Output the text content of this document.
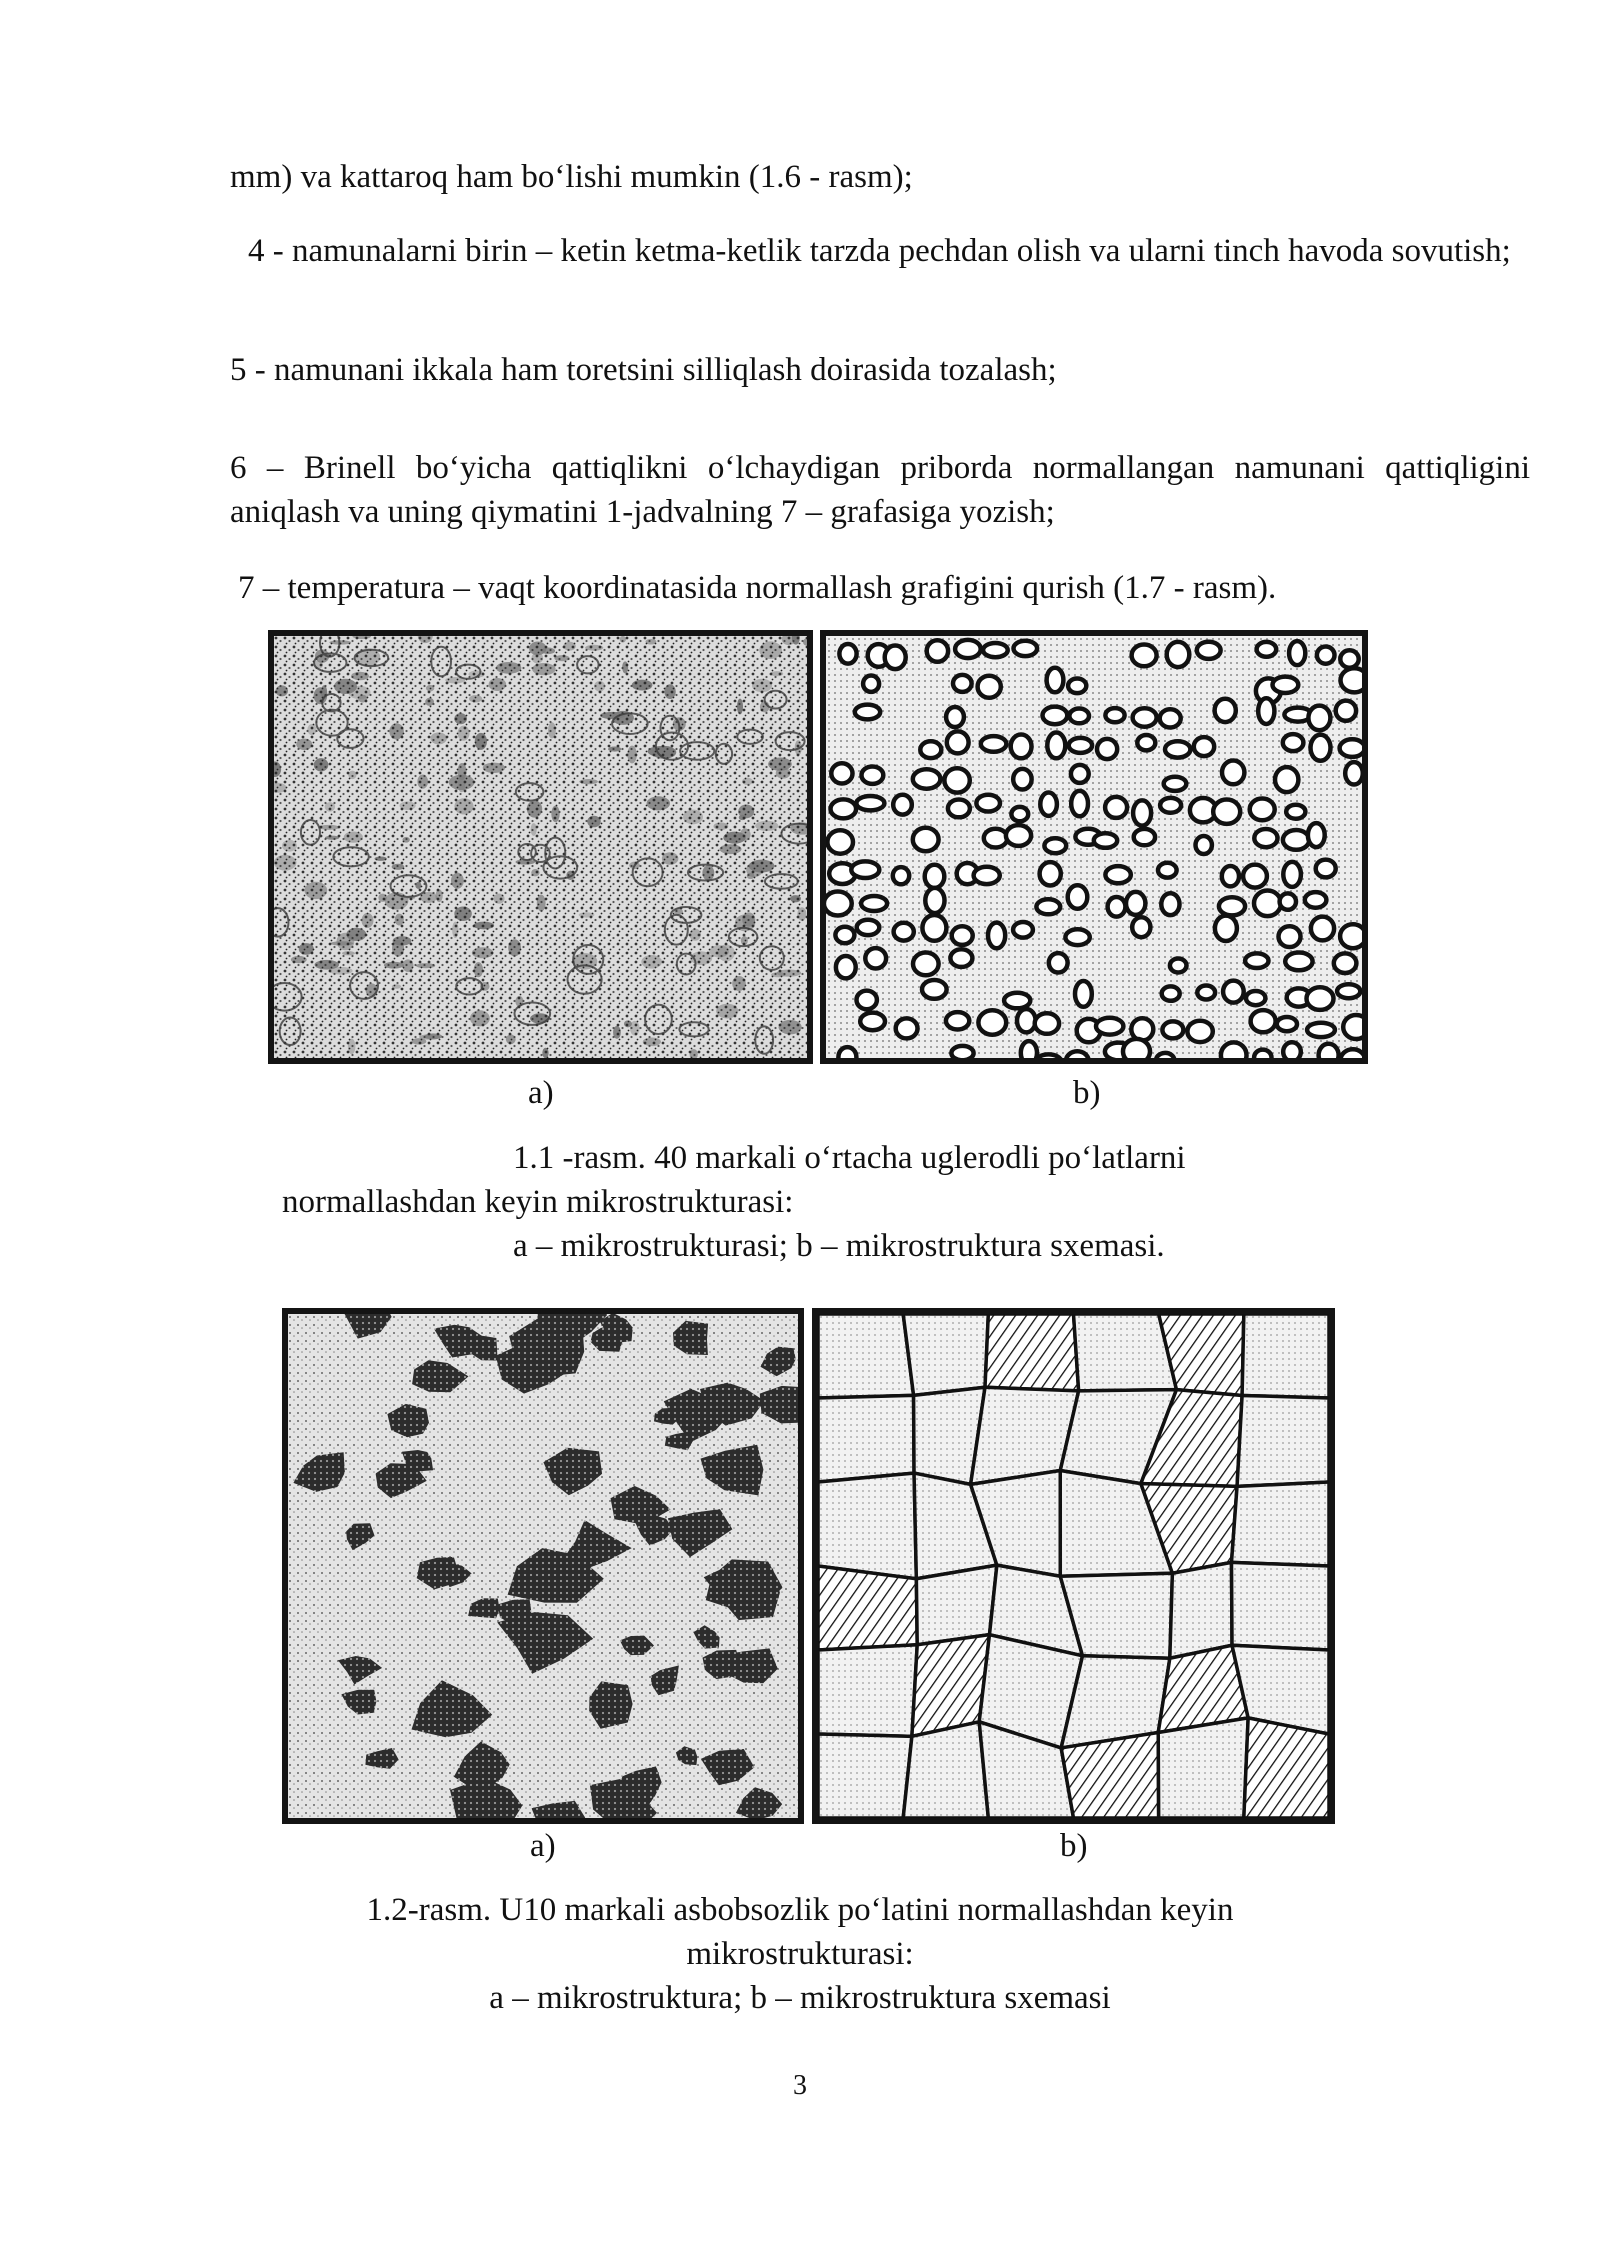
mm) va kattaroq ham bo‘lishi mumkin (1.6 - rasm);

4 - namunalarni birin – ketin ketma-ketlik tarzda pechdan olish va ularni tinch havoda sovutish;

5 - namunani ikkala ham toretsini silliqlash doirasida tozalash;

6 – Brinell bo‘yicha qattiqlikni o‘lchaydigan priborda normallangan namunani qattiqligini aniqlash va uning qiymatini 1-jadvalning 7 – grafasiga yozish;

7 – temperatura – vaqt koordinatasida normallash grafigini qurish (1.7 - rasm).

a)	b)
1.1 -rasm. 40 markali o‘rtacha uglerodli po‘latlarni
normallashdan keyin mikrostrukturasi:
a – mikrostrukturasi; b – mikrostruktura sxemasi.
a)	b)
1.2-rasm. U10 markali asbobsozlik po‘latini normallashdan keyin
mikrostrukturasi:
a – mikrostruktura; b – mikrostruktura sxemasi
3
